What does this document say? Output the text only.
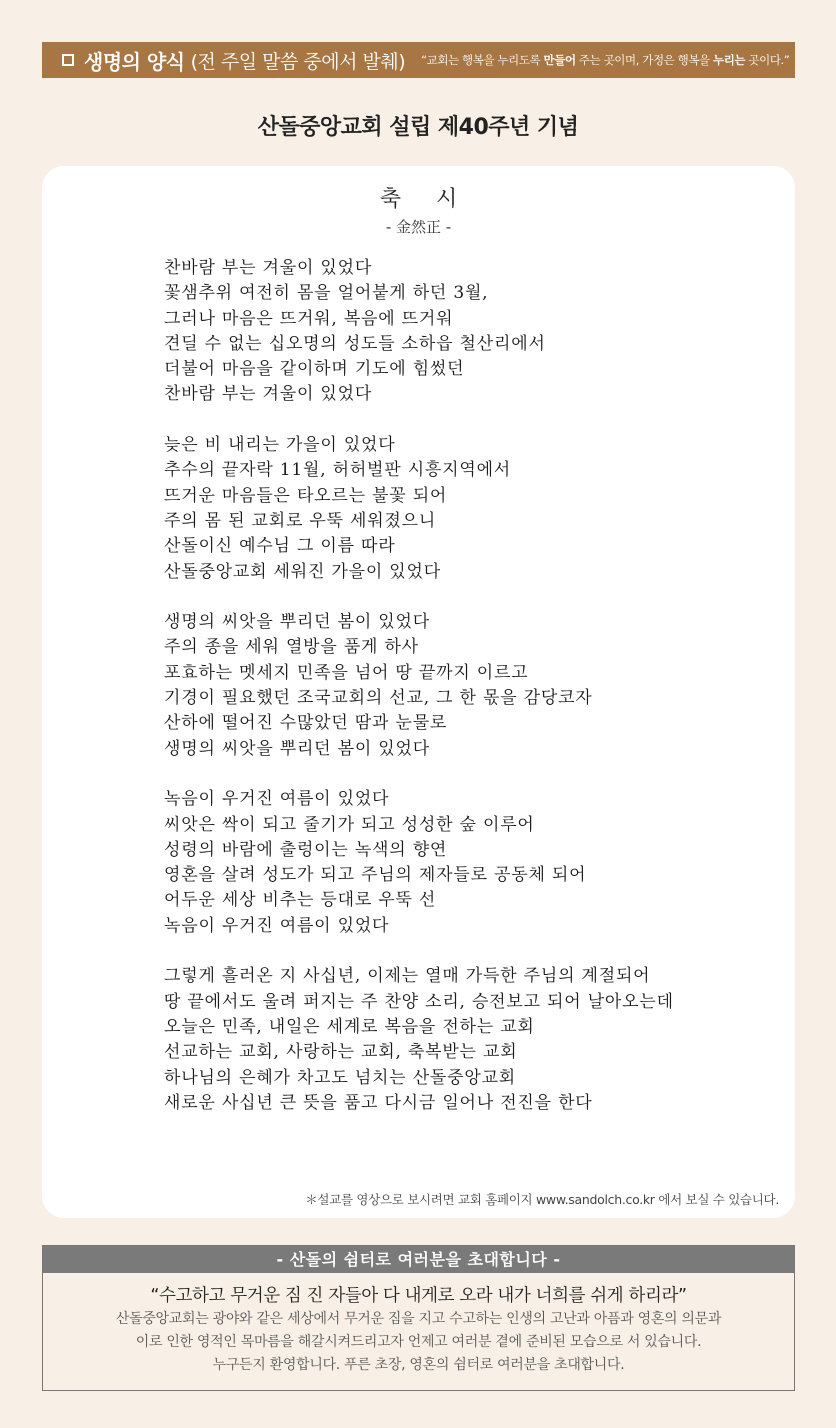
생명의 양식 (전 주일 말씀 중에서 발췌) “교회는 행복을 누리도록 만들어 주는 곳이며, 가정은 행복을 누리는 곳이다.”
산돌중앙교회 설립 제40주년 기념
축 시
- 金然正 -
찬바람 부는 겨울이 있었다
꽃샘추위 여전히 몸을 얼어붙게 하던 3월,
그러나 마음은 뜨거워, 복음에 뜨거워
견딜 수 없는 십오명의 성도들 소하읍 철산리에서
더불어 마음을 같이하며 기도에 힘썼던
찬바람 부는 겨울이 있었다
늦은 비 내리는 가을이 있었다
추수의 끝자락 11월, 허허벌판 시흥지역에서
뜨거운 마음들은 타오르는 불꽃 되어
주의 몸 된 교회로 우뚝 세워졌으니
산돌이신 예수님 그 이름 따라
산돌중앙교회 세워진 가을이 있었다
생명의 씨앗을 뿌리던 봄이 있었다
주의 종을 세워 열방을 품게 하사
포효하는 멧세지 민족을 넘어 땅 끝까지 이르고
기경이 필요했던 조국교회의 선교, 그 한 몫을 감당코자
산하에 떨어진 수많았던 땀과 눈물로
생명의 씨앗을 뿌리던 봄이 있었다
녹음이 우거진 여름이 있었다
씨앗은 싹이 되고 줄기가 되고 성성한 숲 이루어
성령의 바람에 출렁이는 녹색의 향연
영혼을 살려 성도가 되고 주님의 제자들로 공동체 되어
어두운 세상 비추는 등대로 우뚝 선
녹음이 우거진 여름이 있었다
그렇게 흘러온 지 사십년, 이제는 열매 가득한 주님의 계절되어
땅 끝에서도 울려 퍼지는 주 찬양 소리, 승전보고 되어 날아오는데
오늘은 민족, 내일은 세계로 복음을 전하는 교회
선교하는 교회, 사랑하는 교회, 축복받는 교회
하나님의 은혜가 차고도 넘치는 산돌중앙교회
새로운 사십년 큰 뜻을 품고 다시금 일어나 전진을 한다
＊설교를 영상으로 보시려면 교회 홈페이지 www.sandolch.co.kr 에서 보실 수 있습니다.
- 산돌의 쉼터로 여러분을 초대합니다 -
“수고하고 무거운 짐 진 자들아 다 내게로 오라 내가 너희를 쉬게 하리라”
산돌중앙교회는 광야와 같은 세상에서 무거운 짐을 지고 수고하는 인생의 고난과 아픔과 영혼의 의문과
이로 인한 영적인 목마름을 해갈시켜드리고자 언제고 여러분 곁에 준비된 모습으로 서 있습니다.
누구든지 환영합니다. 푸른 초장, 영혼의 쉼터로 여러분을 초대합니다.
